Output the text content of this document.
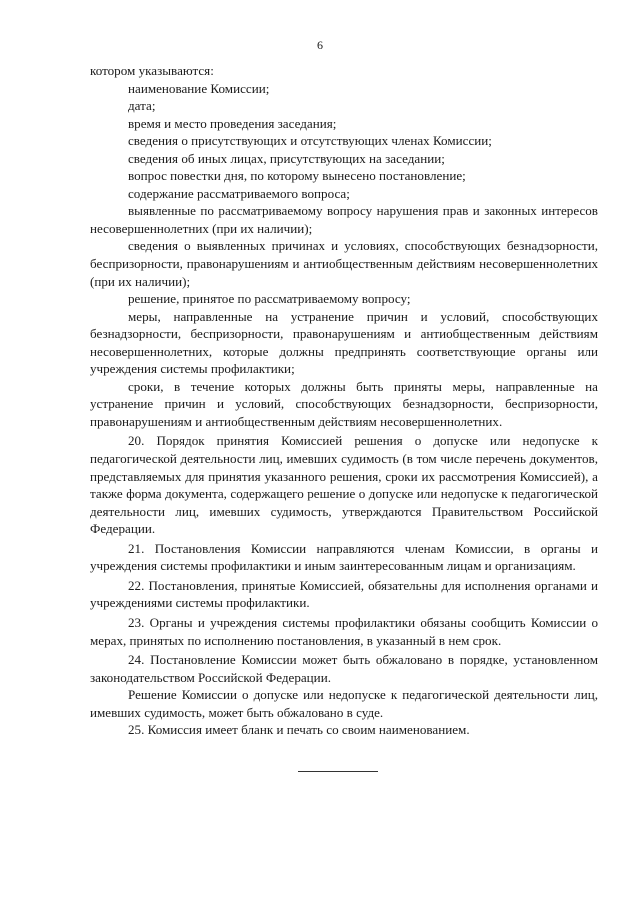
6

котором указываются:

наименование Комиссии;

дата;

время и место проведения заседания;

сведения о присутствующих и отсутствующих членах Комиссии;

сведения об иных лицах, присутствующих на заседании;

вопрос повестки дня, по которому вынесено постановление;

содержание рассматриваемого вопроса;

выявленные по рассматриваемому вопросу нарушения прав и законных интересов несовершеннолетних (при их наличии);

сведения о выявленных причинах и условиях, способствующих безнадзорности, беспризорности, правонарушениям и антиобщественным действиям несовершеннолетних (при их наличии);

решение, принятое по рассматриваемому вопросу;

меры, направленные на устранение причин и условий, способствующих безнадзорности, беспризорности, правонарушениям и антиобщественным действиям несовершеннолетних, которые должны предпринять соответствующие органы или учреждения системы профилактики;

сроки, в течение которых должны быть приняты меры, направленные на устранение причин и условий, способствующих безнадзорности, беспризорности, правонарушениям и антиобщественным действиям несовершеннолетних.

20. Порядок принятия Комиссией решения о допуске или недопуске к педагогической деятельности лиц, имевших судимость (в том числе перечень документов, представляемых для принятия указанного решения, сроки их рассмотрения Комиссией), а также форма документа, содержащего решение о допуске или недопуске к педагогической деятельности лиц, имевших судимость, утверждаются Правительством Российской Федерации.

21. Постановления Комиссии направляются членам Комиссии, в органы и учреждения системы профилактики и иным заинтересованным лицам и организациям.

22. Постановления, принятые Комиссией, обязательны для исполнения органами и учреждениями системы профилактики.

23. Органы и учреждения системы профилактики обязаны сообщить Комиссии о мерах, принятых по исполнению постановления, в указанный в нем срок.

24. Постановление Комиссии может быть обжаловано в порядке, установленном законодательством Российской Федерации.

Решение Комиссии о допуске или недопуске к педагогической деятельности лиц, имевших судимость, может быть обжаловано в суде.

25. Комиссия имеет бланк и печать со своим наименованием.
